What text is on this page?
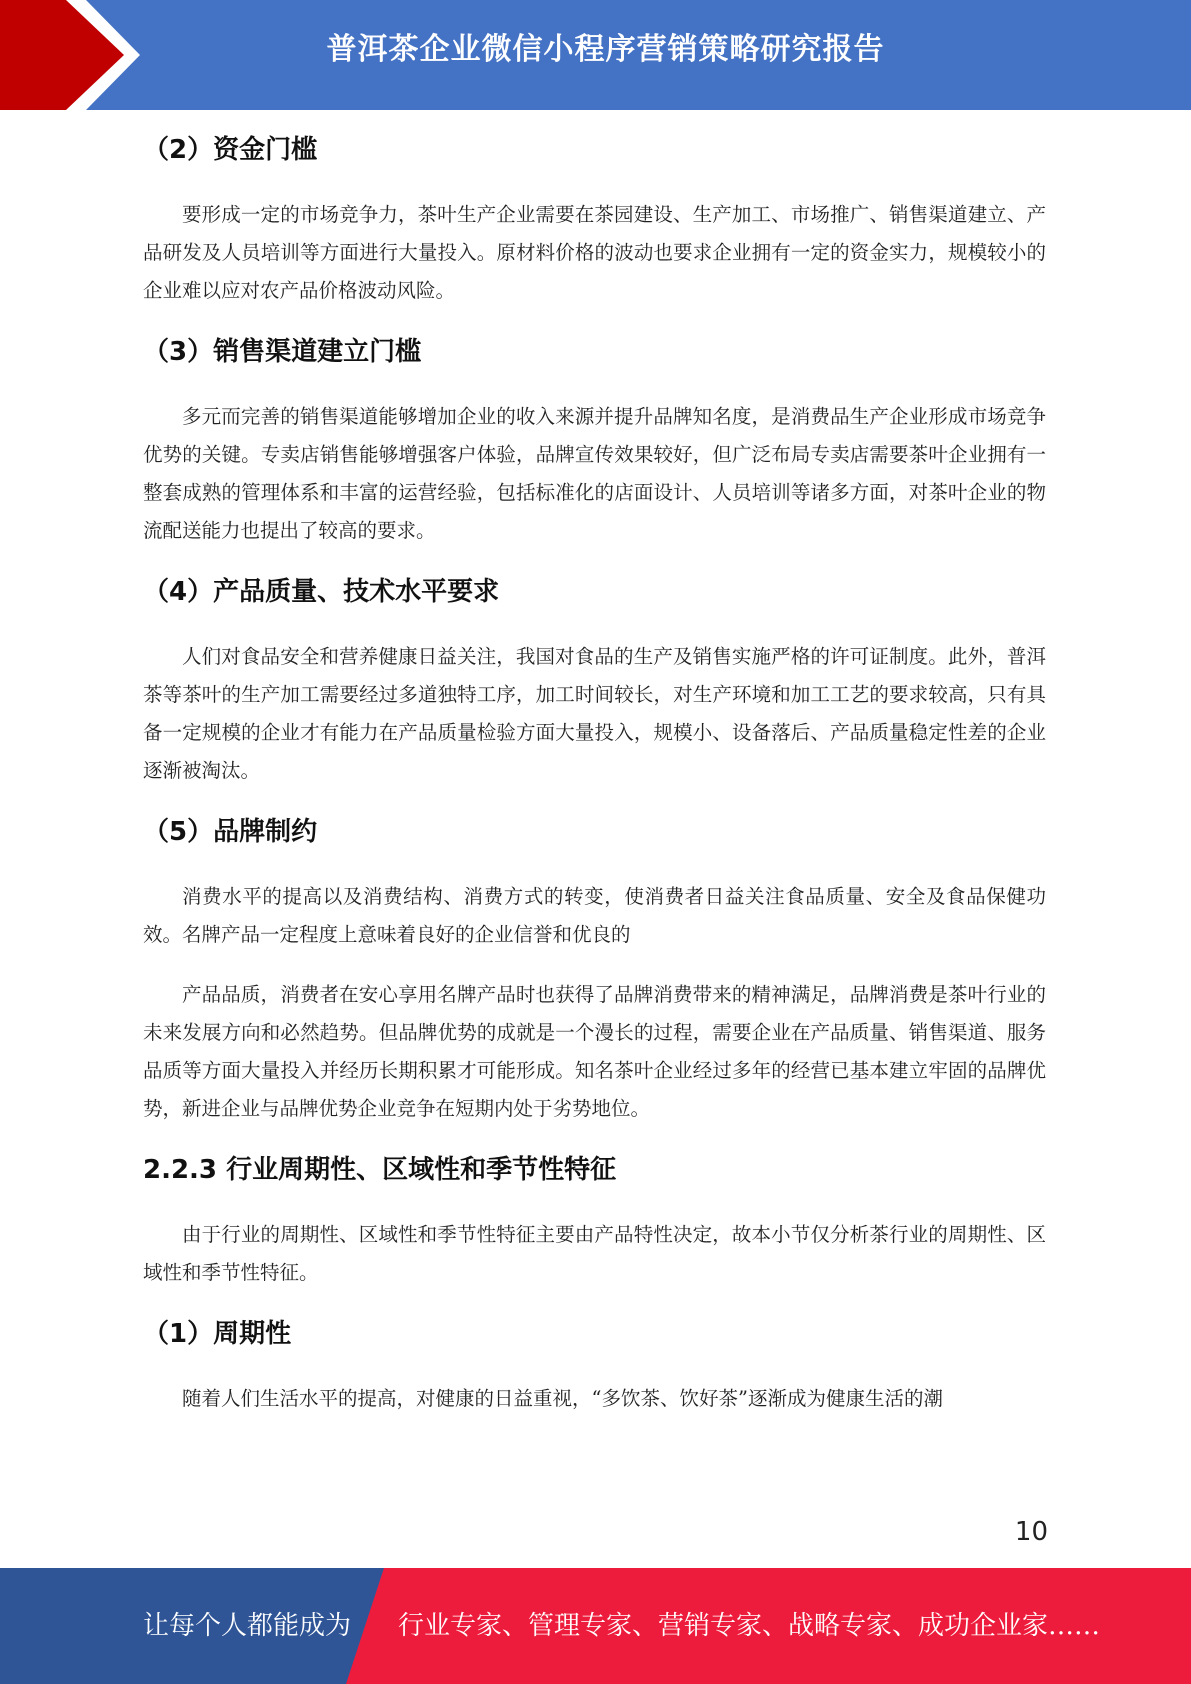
普洱茶企业微信小程序营销策略研究报告
（2）资金门槛

要形成一定的市场竞争力，茶叶生产企业需要在茶园建设、生产加工、市场推广、销售渠道建立、产品研发及人员培训等方面进行大量投入。原材料价格的波动也要求企业拥有一定的资金实力，规模较小的企业难以应对农产品价格波动风险。

（3）销售渠道建立门槛

多元而完善的销售渠道能够增加企业的收入来源并提升品牌知名度，是消费品生产企业形成市场竞争优势的关键。专卖店销售能够增强客户体验，品牌宣传效果较好，但广泛布局专卖店需要茶叶企业拥有一整套成熟的管理体系和丰富的运营经验，包括标准化的店面设计、人员培训等诸多方面，对茶叶企业的物流配送能力也提出了较高的要求。

（4）产品质量、技术水平要求

人们对食品安全和营养健康日益关注，我国对食品的生产及销售实施严格的许可证制度。此外，普洱茶等茶叶的生产加工需要经过多道独特工序，加工时间较长，对生产环境和加工工艺的要求较高，只有具备一定规模的企业才有能力在产品质量检验方面大量投入，规模小、设备落后、产品质量稳定性差的企业逐渐被淘汰。

（5）品牌制约

消费水平的提高以及消费结构、消费方式的转变，使消费者日益关注食品质量、安全及食品保健功效。名牌产品一定程度上意味着良好的企业信誉和优良的

产品品质，消费者在安心享用名牌产品时也获得了品牌消费带来的精神满足，品牌消费是茶叶行业的未来发展方向和必然趋势。但品牌优势的成就是一个漫长的过程，需要企业在产品质量、销售渠道、服务品质等方面大量投入并经历长期积累才可能形成。知名茶叶企业经过多年的经营已基本建立牢固的品牌优势，新进企业与品牌优势企业竞争在短期内处于劣势地位。

2.2.3 行业周期性、区域性和季节性特征

由于行业的周期性、区域性和季节性特征主要由产品特性决定，故本小节仅分析茶行业的周期性、区域性和季节性特征。

（1）周期性

随着人们生活水平的提高，对健康的日益重视，“多饮茶、饮好茶”逐渐成为健康生活的潮

10
让每个人都能成为 行业专家、管理专家、营销专家、战略专家、成功企业家……
